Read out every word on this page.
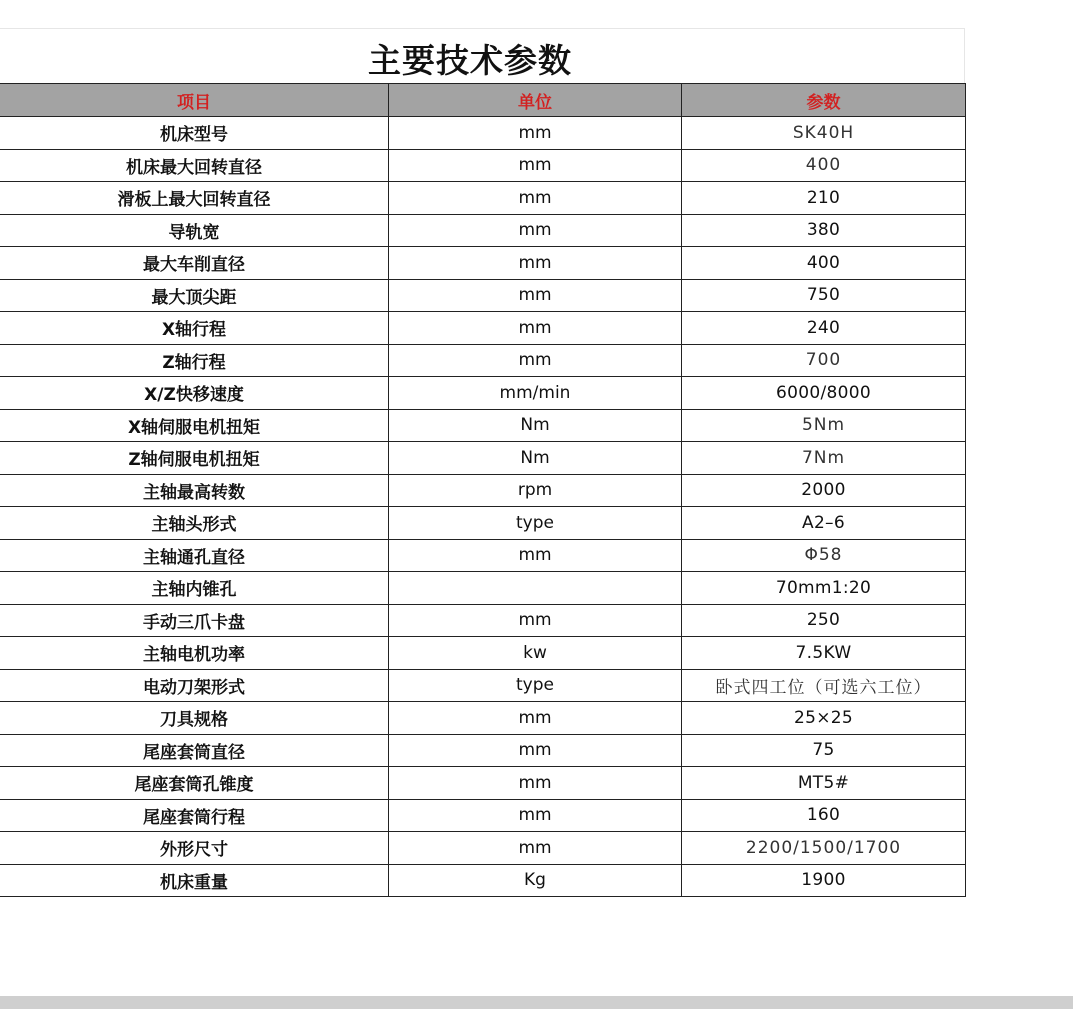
主要技术参数
项目	单位	参数
机床型号	mm	SK40H
机床最大回转直径	mm	400
滑板上最大回转直径	mm	210
导轨宽	mm	380
最大车削直径	mm	400
最大顶尖距	mm	750
X轴行程	mm	240
Z轴行程	mm	700
X/Z快移速度	mm/min	6000/8000
X轴伺服电机扭矩	Nm	5Nm
Z轴伺服电机扭矩	Nm	7Nm
主轴最高转数	rpm	2000
主轴头形式	type	A2–6
主轴通孔直径	mm	Φ58
主轴内锥孔		70mm1:20
手动三爪卡盘	mm	250
主轴电机功率	kw	7.5KW
电动刀架形式	type	卧式四工位（可选六工位）
刀具规格	mm	25×25
尾座套筒直径	mm	75
尾座套筒孔锥度	mm	MT5#
尾座套筒行程	mm	160
外形尺寸	mm	2200/1500/1700
机床重量	Kg	1900
